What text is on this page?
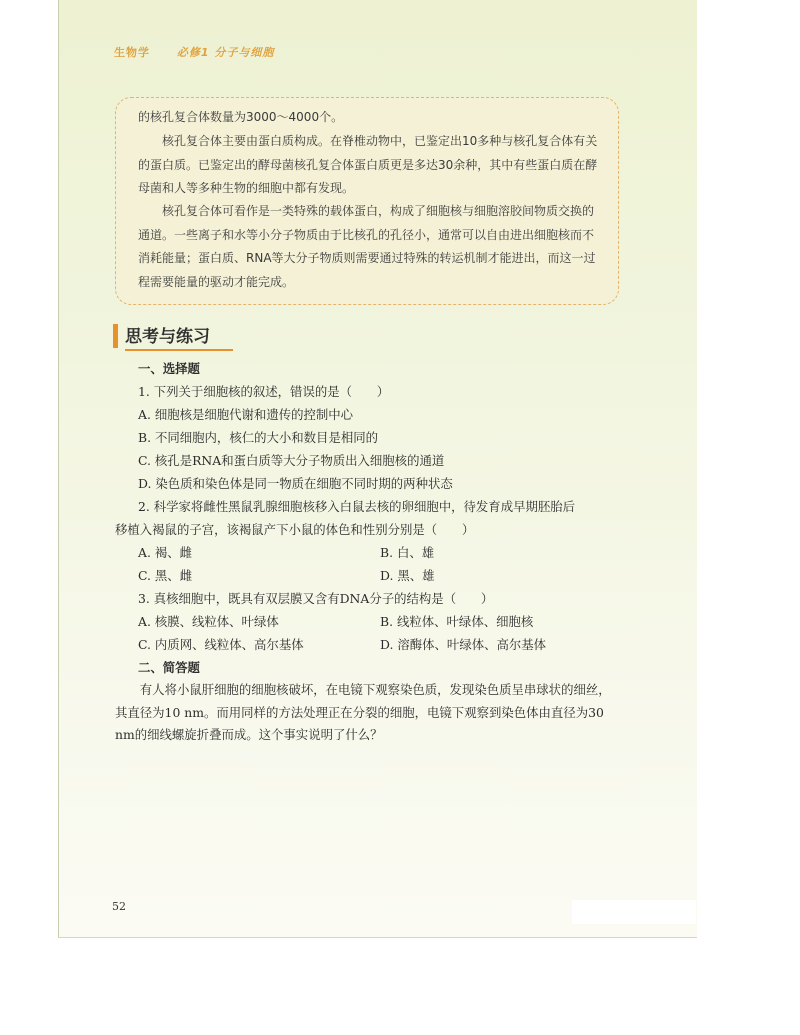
生物学 必修1 分子与细胞
的核孔复合体数量为3000～4000个。
核孔复合体主要由蛋白质构成。在脊椎动物中，已鉴定出10多种与核孔复合体有关的蛋白质。已鉴定出的酵母菌核孔复合体蛋白质更是多达30余种，其中有些蛋白质在酵母菌和人等多种生物的细胞中都有发现。
核孔复合体可看作是一类特殊的载体蛋白，构成了细胞核与细胞溶胶间物质交换的通道。一些离子和水等小分子物质由于比核孔的孔径小，通常可以自由进出细胞核而不消耗能量；蛋白质、RNA等大分子物质则需要通过特殊的转运机制才能进出，而这一过程需要能量的驱动才能完成。
思考与练习
一、选择题
1. 下列关于细胞核的叙述，错误的是（　　）
A. 细胞核是细胞代谢和遗传的控制中心
B. 不同细胞内，核仁的大小和数目是相同的
C. 核孔是RNA和蛋白质等大分子物质出入细胞核的通道
D. 染色质和染色体是同一物质在细胞不同时期的两种状态
2. 科学家将雌性黑鼠乳腺细胞核移入白鼠去核的卵细胞中，待发育成早期胚胎后
移植入褐鼠的子宫，该褐鼠产下小鼠的体色和性别分别是（　　）
A. 褐、雌	B. 白、雄
C. 黑、雌	D. 黑、雄
3. 真核细胞中，既具有双层膜又含有DNA分子的结构是（　　）
A. 核膜、线粒体、叶绿体	B. 线粒体、叶绿体、细胞核
C. 内质网、线粒体、高尔基体	D. 溶酶体、叶绿体、高尔基体
二、简答题
有人将小鼠肝细胞的细胞核破坏，在电镜下观察染色质，发现染色质呈串球状的细丝，其直径为10 nm。而用同样的方法处理正在分裂的细胞，电镜下观察到染色体由直径为30 nm的细线螺旋折叠而成。这个事实说明了什么？
52
